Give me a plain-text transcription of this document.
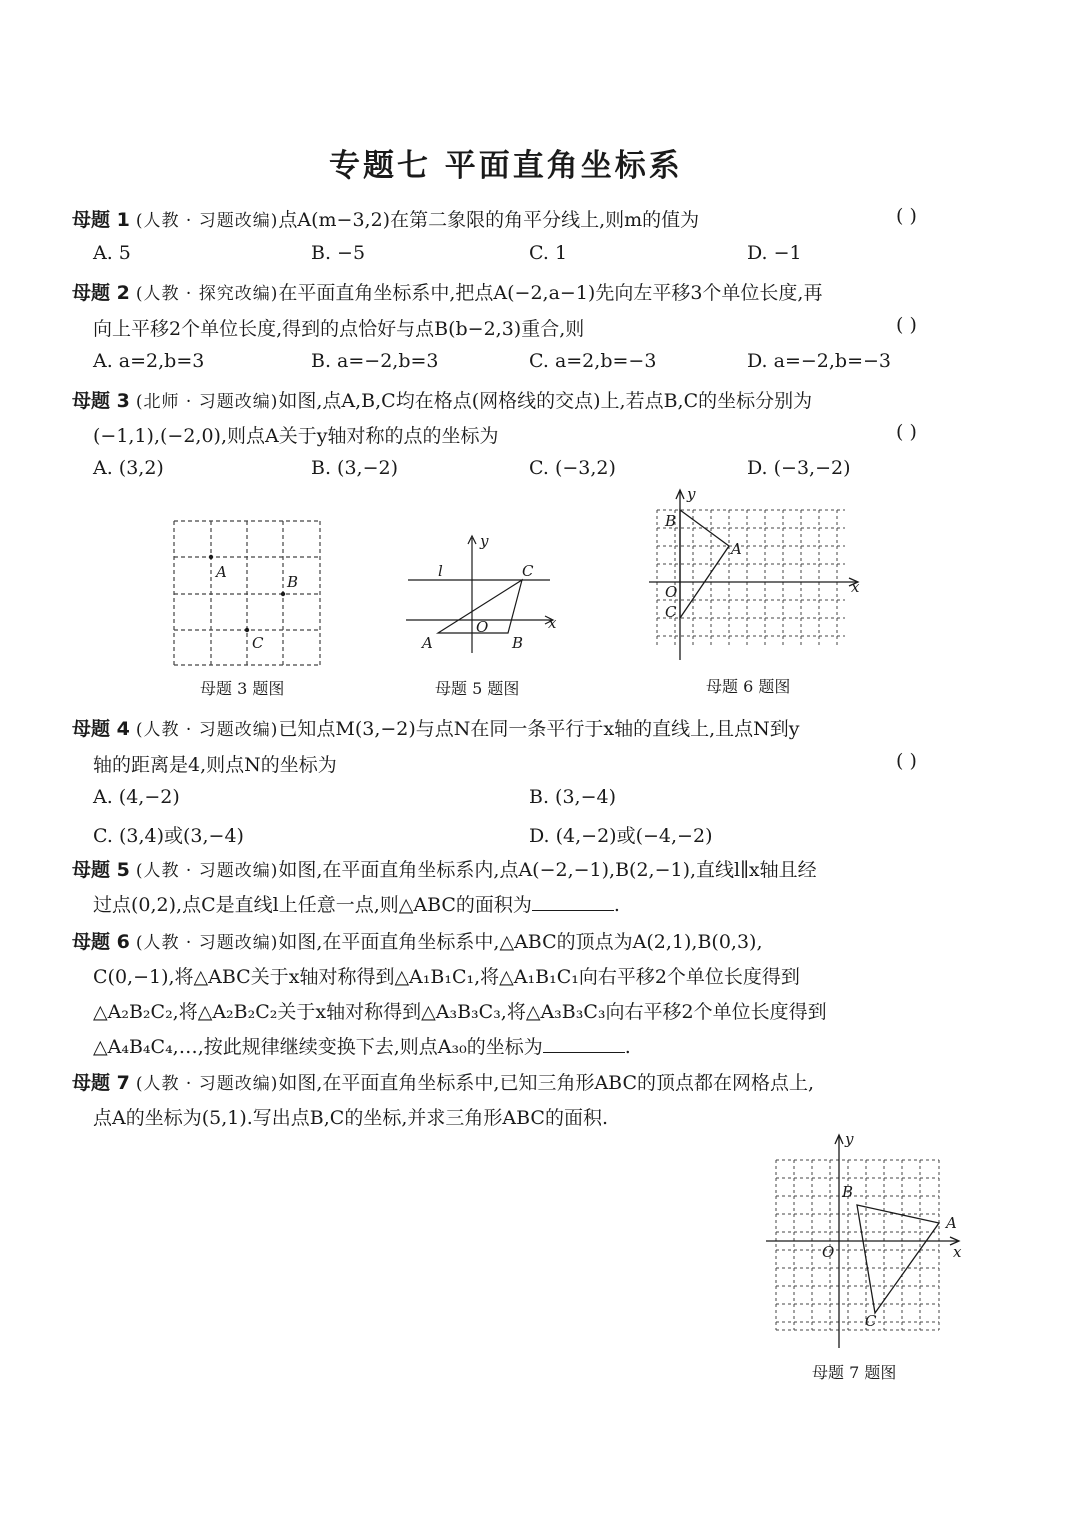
专题七 平面直角坐标系
母题 1 (人教 · 习题改编)点A(m−3,2)在第二象限的角平分线上,则m的值为	( )
A. 5	B. −5	C. 1	D. −1
母题 2 (人教 · 探究改编)在平面直角坐标系中,把点A(−2,a−1)先向左平移3个单位长度,再
向上平移2个单位长度,得到的点恰好与点B(b−2,3)重合,则	( )
A. a=2,b=3	B. a=−2,b=3	C. a=2,b=−3	D. a=−2,b=−3
母题 3 (北师 · 习题改编)如图,点A,B,C均在格点(网格线的交点)上,若点B,C的坐标分别为
(−1,1),(−2,0),则点A关于y轴对称的点的坐标为	( )
A. (3,2)	B. (3,−2)	C. (−3,2)	D. (−3,−2)
A
B
C
母题 3 题图
l
y
x
O
A	B
C
母题 5 题图
y
x
O
A
B
C
母题 6 题图
母题 4 (人教 · 习题改编)已知点M(3,−2)与点N在同一条平行于x轴的直线上,且点N到y
轴的距离是4,则点N的坐标为	( )
A. (4,−2)	B. (3,−4)
C. (3,4)或(3,−4)	D. (4,−2)或(−4,−2)
母题 5 (人教 · 习题改编)如图,在平面直角坐标系内,点A(−2,−1),B(2,−1),直线l∥x轴且经
过点(0,2),点C是直线l上任意一点,则△ABC的面积为	.
母题 6 (人教 · 习题改编)如图,在平面直角坐标系中,△ABC的顶点为A(2,1),B(0,3),
C(0,−1),将△ABC关于x轴对称得到△A₁B₁C₁,将△A₁B₁C₁向右平移2个单位长度得到
△A₂B₂C₂,将△A₂B₂C₂关于x轴对称得到△A₃B₃C₃,将△A₃B₃C₃向右平移2个单位长度得到
△A₄B₄C₄,…,按此规律继续变换下去,则点A₃₀的坐标为	.
母题 7 (人教 · 习题改编)如图,在平面直角坐标系中,已知三角形ABC的顶点都在网格点上,
点A的坐标为(5,1).写出点B,C的坐标,并求三角形ABC的面积.
y
x
O
A
B
C
母题 7 题图
